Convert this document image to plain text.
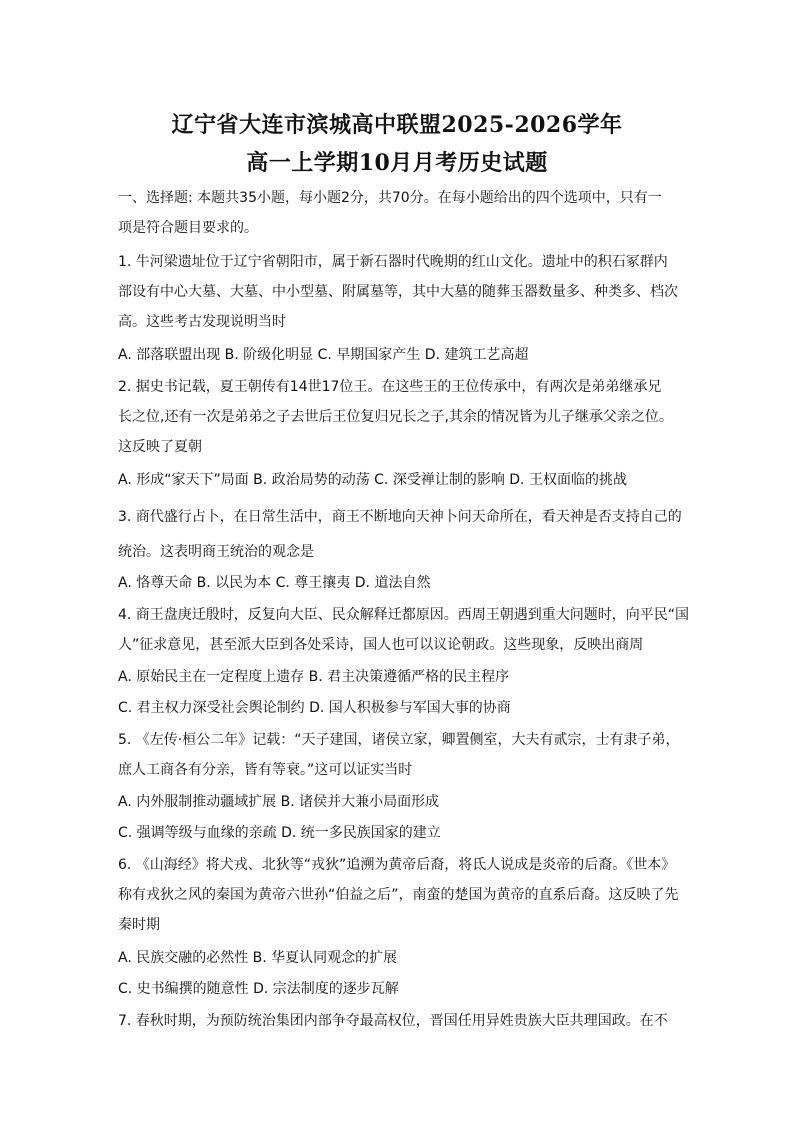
辽宁省大连市滨城高中联盟2025-2026学年
高一上学期10月月考历史试题
一、选择题: 本题共35小题，每小题2分，共70分。在每小题给出的四个选项中，只有一
项是符合题目要求的。
1. 牛河梁遗址位于辽宁省朝阳市，属于新石器时代晚期的红山文化。遗址中的积石冢群内
部设有中心大墓、大墓、中小型墓、附属墓等，其中大墓的随葬玉器数量多、种类多、档次
高。这些考古发现说明当时
A. 部落联盟出现 B. 阶级化明显 C. 早期国家产生 D. 建筑工艺高超
2. 据史书记载，夏王朝传有14世17位王。在这些王的王位传承中，有两次是弟弟继承兄
长之位,还有一次是弟弟之子去世后王位复归兄长之子,其余的情况皆为儿子继承父亲之位。
这反映了夏朝
A. 形成“家天下”局面 B. 政治局势的动荡 C. 深受禅让制的影响 D. 王权面临的挑战
3. 商代盛行占卜，在日常生活中，商王不断地向天神卜问天命所在，看天神是否支持自己的
统治。这表明商王统治的观念是
A. 恪尊天命 B. 以民为本 C. 尊王攘夷 D. 道法自然
4. 商王盘庚迁殷时，反复向大臣、民众解释迁都原因。西周王朝遇到重大问题时，向平民“国
人”征求意见，甚至派大臣到各处采诗，国人也可以议论朝政。这些现象，反映出商周
A. 原始民主在一定程度上遗存 B. 君主决策遵循严格的民主程序
C. 君主权力深受社会舆论制约 D. 国人积极参与军国大事的协商
5. 《左传·桓公二年》记载：“天子建国，诸侯立家，卿置侧室，大夫有贰宗，士有隶子弟，
庶人工商各有分亲，皆有等衰。”这可以证实当时
A. 内外服制推动疆域扩展 B. 诸侯并大兼小局面形成
C. 强调等级与血缘的亲疏 D. 统一多民族国家的建立
6. 《山海经》将犬戎、北狄等“戎狄”追溯为黄帝后裔，将氐人说成是炎帝的后裔。《世本》
称有戎狄之风的秦国为黄帝六世孙“伯益之后”，南蛮的楚国为黄帝的直系后裔。这反映了先
秦时期
A. 民族交融的必然性 B. 华夏认同观念的扩展
C. 史书编撰的随意性 D. 宗法制度的逐步瓦解
7. 春秋时期，为预防统治集团内部争夺最高权位，晋国任用异姓贵族大臣共理国政。在不
